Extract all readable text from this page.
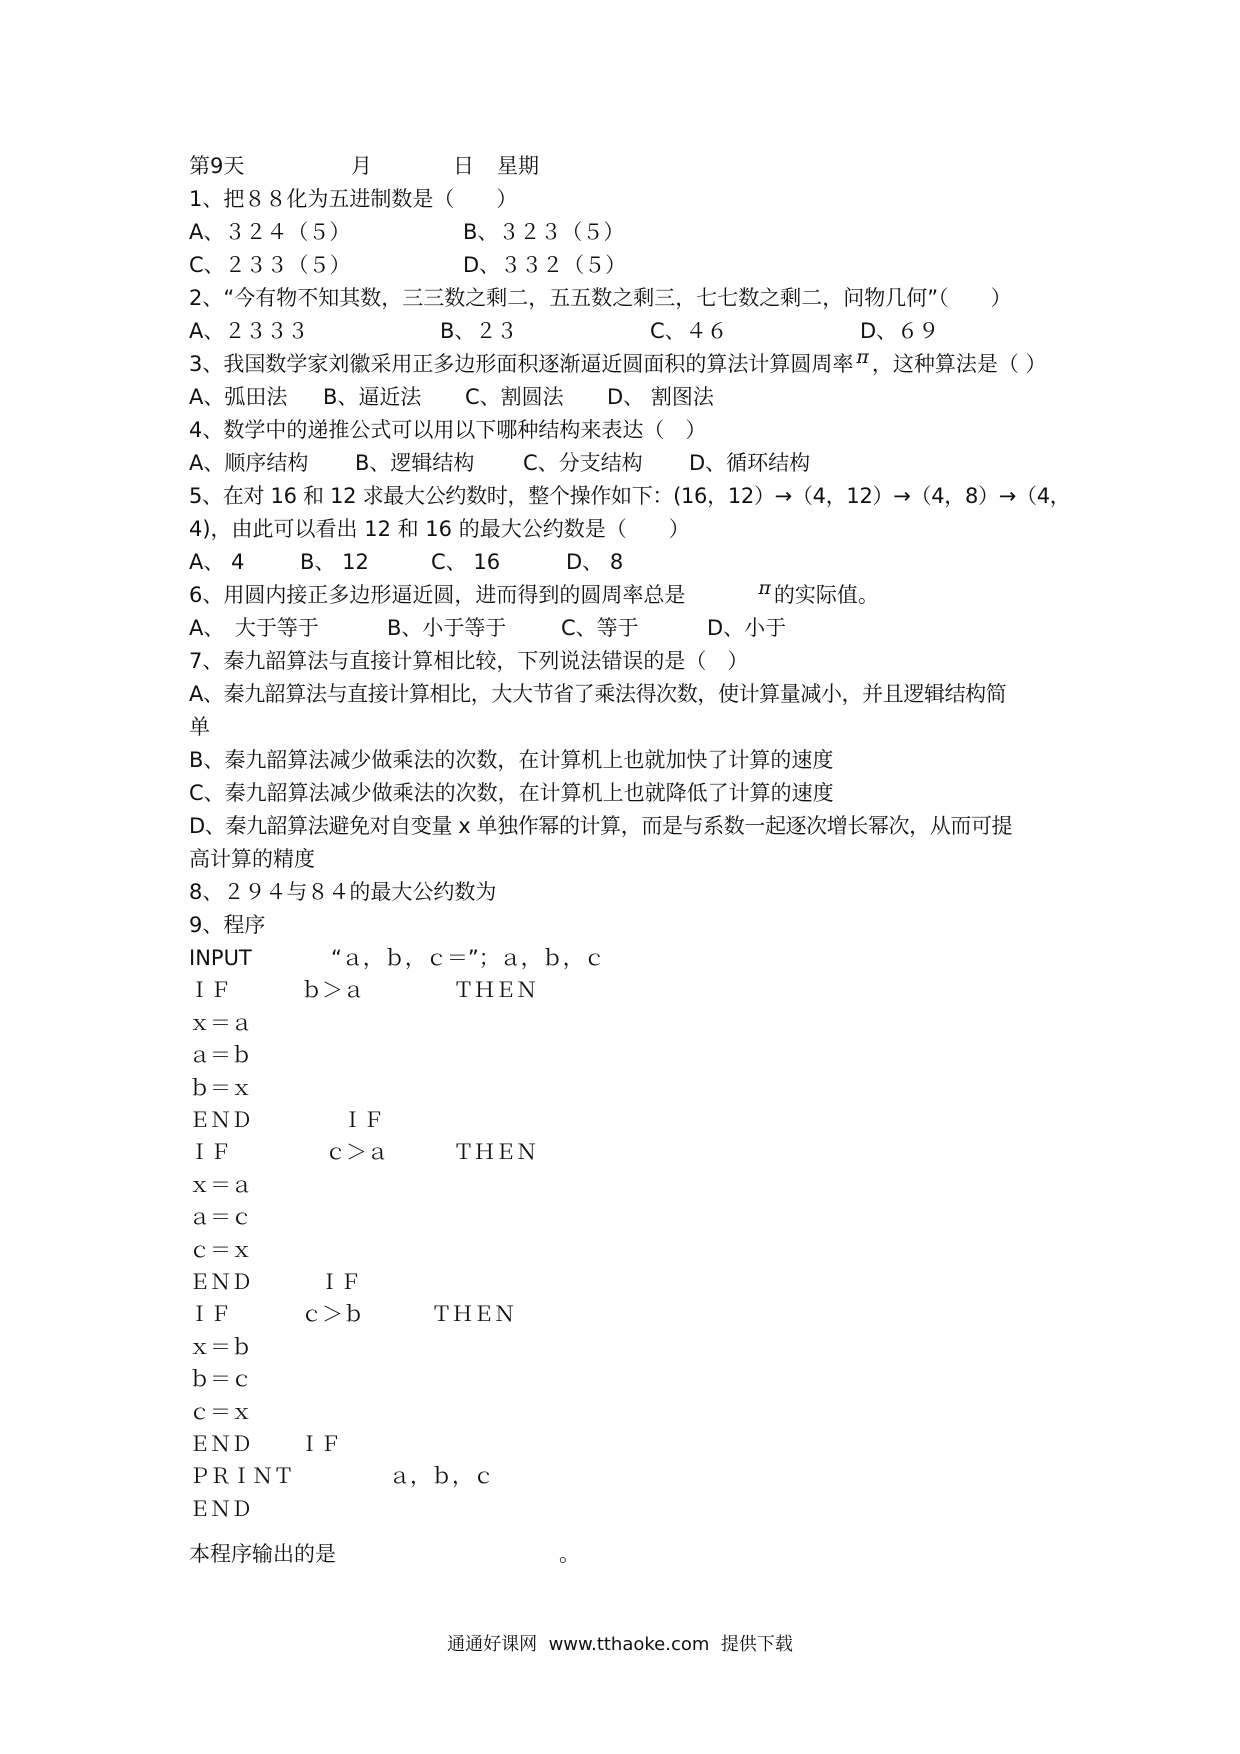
第9天

	月

	日

星期

1、把８８化为五进制数是（　　）

A、３２４（５）

	B、３２３（５）

C、２３３（５）

	D、３３２（５）

2、“今有物不知其数，三三数之剩二，五五数之剩三，七七数之剩二，问物几何”（　　）

A、２３３３

	B、２３

	C、４６

	D、６９

3、我国数学家刘徽采用正多边形面积逐渐逼近圆面积的算法计算圆周率 π ，这种算法是（ ）

A、弧田法

B、逼近法

C、割圆法

D、 割图法

4、数学中的递推公式可以用以下哪种结构来表达（　）

A、顺序结构

B、逻辑结构

C、分支结构

D、循环结构

5、在对 16 和 12 求最大公约数时，整个操作如下：(16，12）→（4，12）→（4，8）→（4，
4)，由此可以看出 12 和 16 的最大公约数是（　　）

A、 4

	B、 12

	C、 16

	D、 8

6、用圆内接正多边形逼近圆，进而得到的圆周率总是	π 的实际值。

A、　大于等于

	B、小于等于

	C、等于

	D、小于

7、秦九韶算法与直接计算相比较，下列说法错误的是（　）
A、秦九韶算法与直接计算相比，大大节省了乘法得次数，使计算量减小，并且逻辑结构简
单
B、秦九韶算法减少做乘法的次数，在计算机上也就加快了计算的速度
C、秦九韶算法减少做乘法的次数，在计算机上也就降低了计算的速度
D、秦九韶算法避免对自变量 x 单独作幂的计算，而是与系数一起逐次增长幂次，从而可提
高计算的精度
8、２９４与８４的最大公约数为
9、程序
INPUT	“ａ，ｂ，ｃ＝”；ａ，ｂ，ｃ
ＩＦ	ｂ＞ａ	ＴＨＥＮ
ｘ＝ａ
ａ＝ｂ
ｂ＝ｘ
ＥＮＤ	ＩＦ
ＩＦ	ｃ＞ａ	ＴＨＥＮ
ｘ＝ａ
ａ＝ｃ
ｃ＝ｘ
ＥＮＤ	ＩＦ
ＩＦ	ｃ＞ｂ	ＴＨＥＮ
ｘ＝ｂ
ｂ＝ｃ
ｃ＝ｘ
ＥＮＤ ＩＦ
ＰＲＩＮＴ	ａ，ｂ，ｃ
ＥＮＤ

本程序输出的是

	。

通通好课网  www.tthaoke.com  提供下载
